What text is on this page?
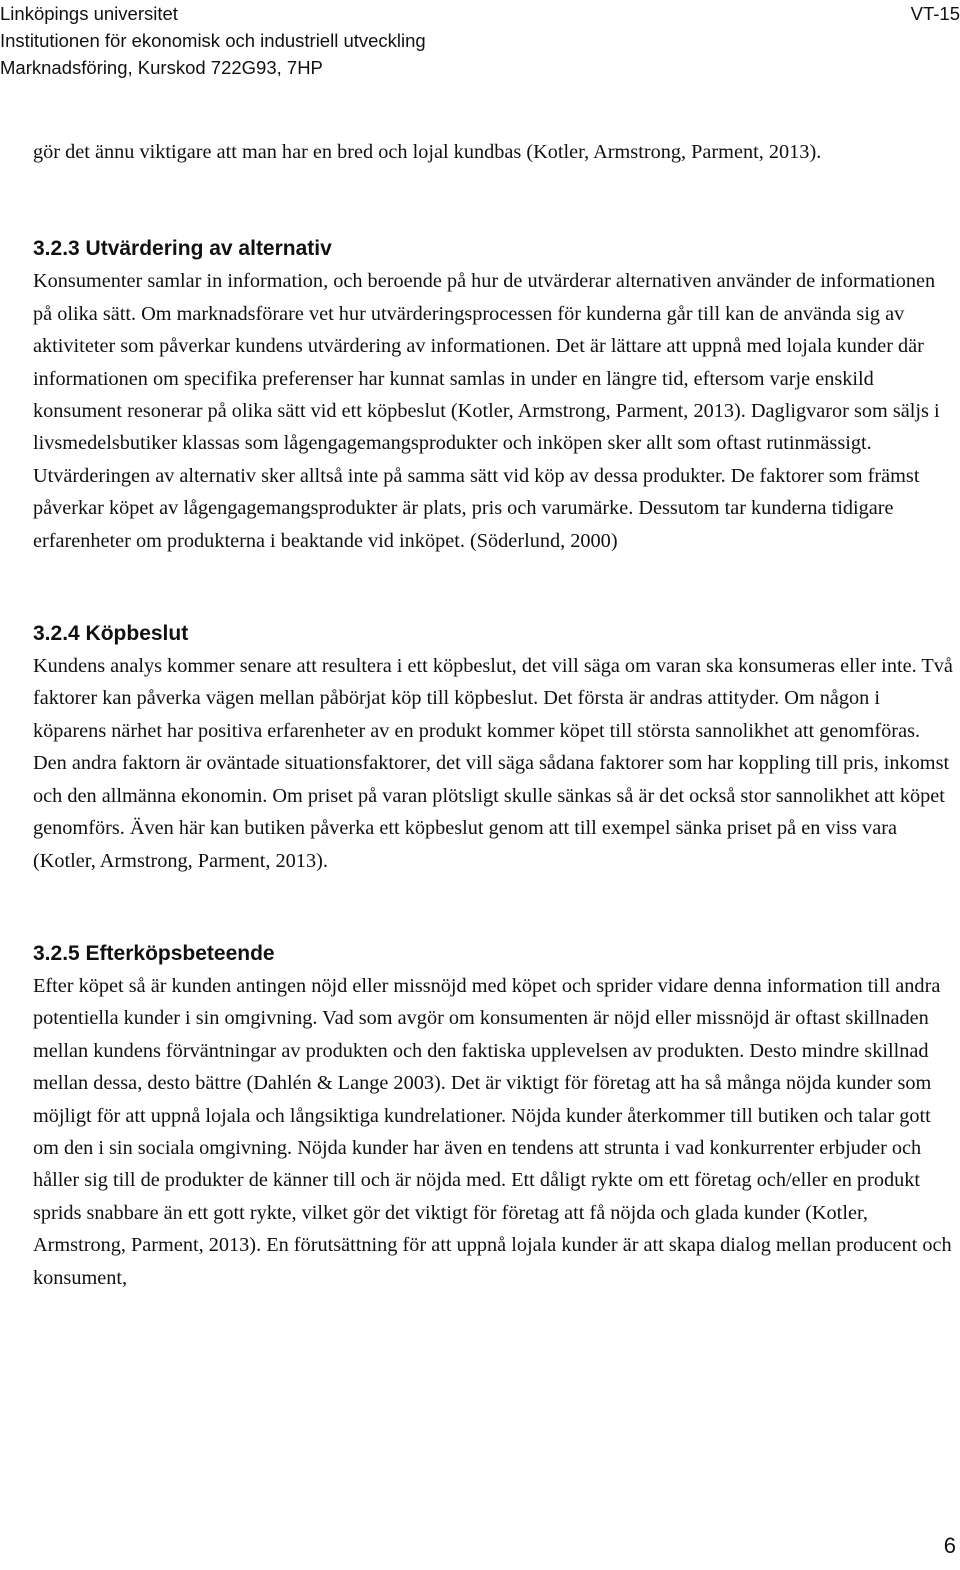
Linköpings universitet
Institutionen för ekonomisk och industriell utveckling
Marknadsföring, Kurskod 722G93, 7HP
VT-15

gör det ännu viktigare att man har en bred och lojal kundbas (Kotler, Armstrong, Parment, 2013).

3.2.3 Utvärdering av alternativ

Konsumenter samlar in information, och beroende på hur de utvärderar alternativen använder de informationen på olika sätt. Om marknadsförare vet hur utvärderingsprocessen för kunderna går till kan de använda sig av aktiviteter som påverkar kundens utvärdering av informationen. Det är lättare att uppnå med lojala kunder där informationen om specifika preferenser har kunnat samlas in under en längre tid, eftersom varje enskild konsument resonerar på olika sätt vid ett köpbeslut (Kotler, Armstrong, Parment, 2013). Dagligvaror som säljs i livsmedelsbutiker klassas som lågengagemangsprodukter och inköpen sker allt som oftast rutinmässigt. Utvärderingen av alternativ sker alltså inte på samma sätt vid köp av dessa produkter. De faktorer som främst påverkar köpet av lågengagemangsprodukter är plats, pris och varumärke. Dessutom tar kunderna tidigare erfarenheter om produkterna i beaktande vid inköpet. (Söderlund, 2000)

3.2.4 Köpbeslut

Kundens analys kommer senare att resultera i ett köpbeslut, det vill säga om varan ska konsumeras eller inte. Två faktorer kan påverka vägen mellan påbörjat köp till köpbeslut. Det första är andras attityder. Om någon i köparens närhet har positiva erfarenheter av en produkt kommer köpet till största sannolikhet att genomföras. Den andra faktorn är oväntade situationsfaktorer, det vill säga sådana faktorer som har koppling till pris, inkomst och den allmänna ekonomin. Om priset på varan plötsligt skulle sänkas så är det också stor sannolikhet att köpet genomförs. Även här kan butiken påverka ett köpbeslut genom att till exempel sänka priset på en viss vara (Kotler, Armstrong, Parment, 2013).

3.2.5 Efterköpsbeteende

Efter köpet så är kunden antingen nöjd eller missnöjd med köpet och sprider vidare denna information till andra potentiella kunder i sin omgivning. Vad som avgör om konsumenten är nöjd eller missnöjd är oftast skillnaden mellan kundens förväntningar av produkten och den faktiska upplevelsen av produkten. Desto mindre skillnad mellan dessa, desto bättre (Dahlén & Lange 2003). Det är viktigt för företag att ha så många nöjda kunder som möjligt för att uppnå lojala och långsiktiga kundrelationer. Nöjda kunder återkommer till butiken och talar gott om den i sin sociala omgivning. Nöjda kunder har även en tendens att strunta i vad konkurrenter erbjuder och håller sig till de produkter de känner till och är nöjda med. Ett dåligt rykte om ett företag och/eller en produkt sprids snabbare än ett gott rykte, vilket gör det viktigt för företag att få nöjda och glada kunder (Kotler, Armstrong, Parment, 2013). En förutsättning för att uppnå lojala kunder är att skapa dialog mellan producent och konsument,

6
